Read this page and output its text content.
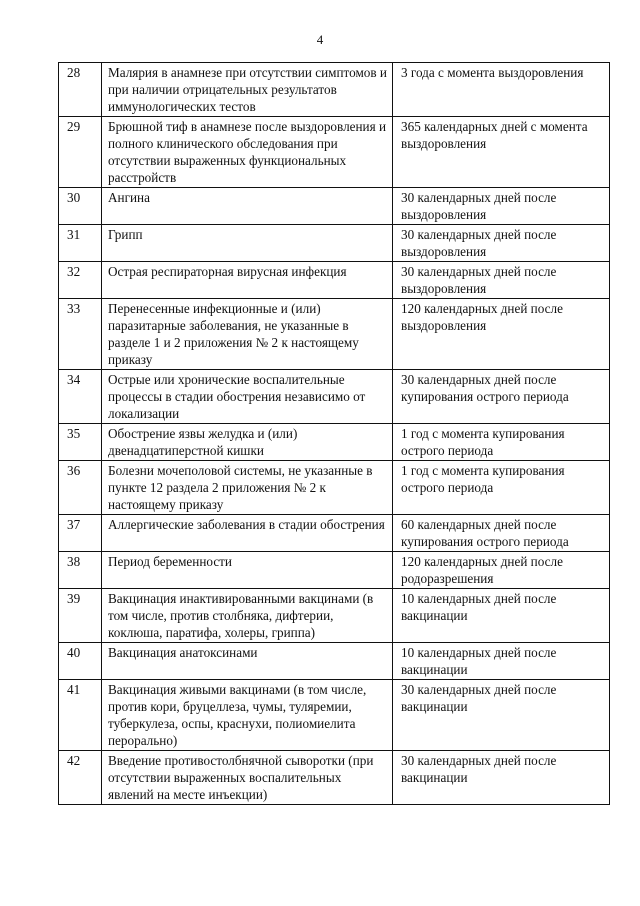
4
28	Малярия в анамнезе при отсутствии симптомов и при наличии отрицательных результатов иммунологических тестов	3 года с момента выздоровления
29	Брюшной тиф в анамнезе после выздоровления и полного клинического обследования при отсутствии выраженных функциональных расстройств	365 календарных дней с момента выздоровления
30	Ангина	30 календарных дней после выздоровления
31	Грипп	30 календарных дней после выздоровления
32	Острая респираторная вирусная инфекция	30 календарных дней после выздоровления
33	Перенесенные инфекционные и (или) паразитарные заболевания, не указанные в разделе 1 и 2 приложения № 2 к настоящему приказу	120 календарных дней после выздоровления
34	Острые или хронические воспалительные процессы в стадии обострения независимо от локализации	30 календарных дней после купирования острого периода
35	Обострение язвы желудка и (или) двенадцатиперстной кишки	1 год с момента купирования острого периода
36	Болезни мочеполовой системы, не указанные в пункте 12 раздела 2 приложения № 2 к настоящему приказу	1 год с момента купирования острого периода
37	Аллергические заболевания в стадии обострения	60 календарных дней после купирования острого периода
38	Период беременности	120 календарных дней после родоразрешения
39	Вакцинация инактивированными вакцинами (в том числе, против столбняка, дифтерии, коклюша, паратифа, холеры, гриппа)	10 календарных дней после вакцинации
40	Вакцинация анатоксинами	10 календарных дней после вакцинации
41	Вакцинация живыми вакцинами (в том числе, против кори, бруцеллеза, чумы, туляремии, туберкулеза, оспы, краснухи, полиомиелита перорально)	30 календарных дней после вакцинации
42	Введение противостолбнячной сыворотки (при отсутствии выраженных воспалительных явлений на месте инъекции)	30 календарных дней после вакцинации
